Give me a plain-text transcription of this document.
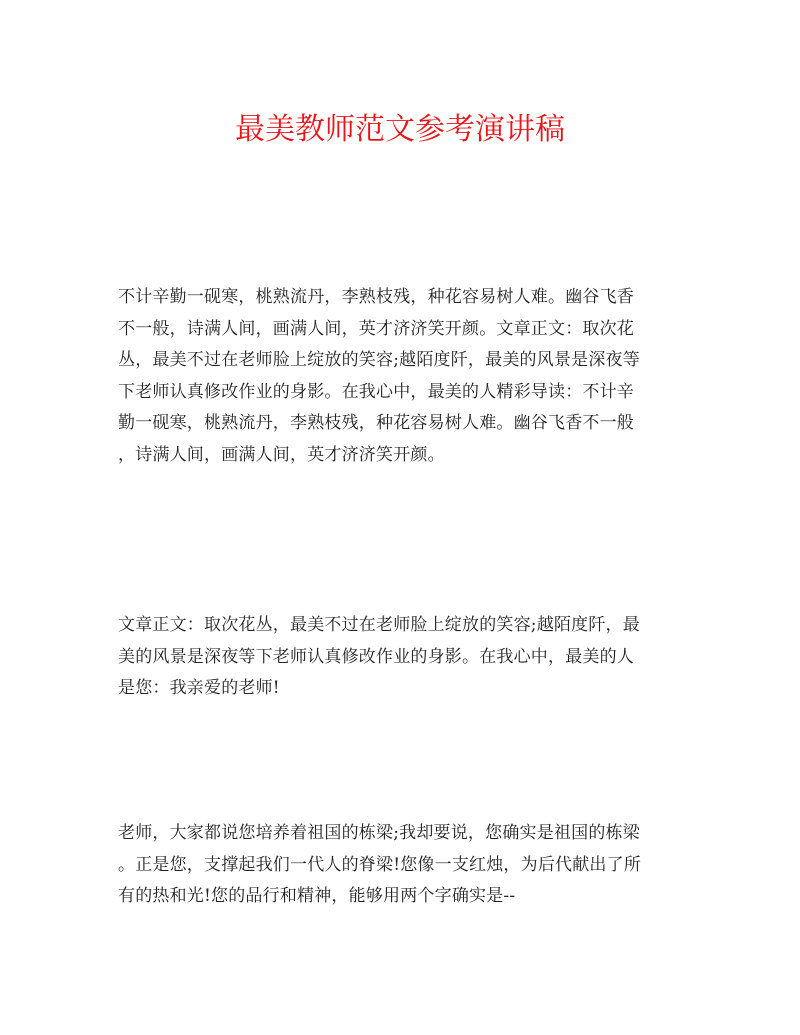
最美教师范文参考演讲稿

不计辛勤一砚寒，桃熟流丹，李熟枝残，种花容易树人难。幽谷飞香
不一般，诗满人间，画满人间，英才济济笑开颜。文章正文：取次花
丛，最美不过在老师脸上绽放的笑容;越陌度阡，最美的风景是深夜等
下老师认真修改作业的身影。在我心中，最美的人精彩导读：不计辛
勤一砚寒，桃熟流丹，李熟枝残，种花容易树人难。幽谷飞香不一般
，诗满人间，画满人间，英才济济笑开颜。

文章正文：取次花丛，最美不过在老师脸上绽放的笑容;越陌度阡，最
美的风景是深夜等下老师认真修改作业的身影。在我心中，最美的人
是您：我亲爱的老师!

老师，大家都说您培养着祖国的栋梁;我却要说，您确实是祖国的栋梁
。正是您，支撑起我们一代人的脊梁!您像一支红烛，为后代献出了所
有的热和光!您的品行和精神，能够用两个字确实是--
